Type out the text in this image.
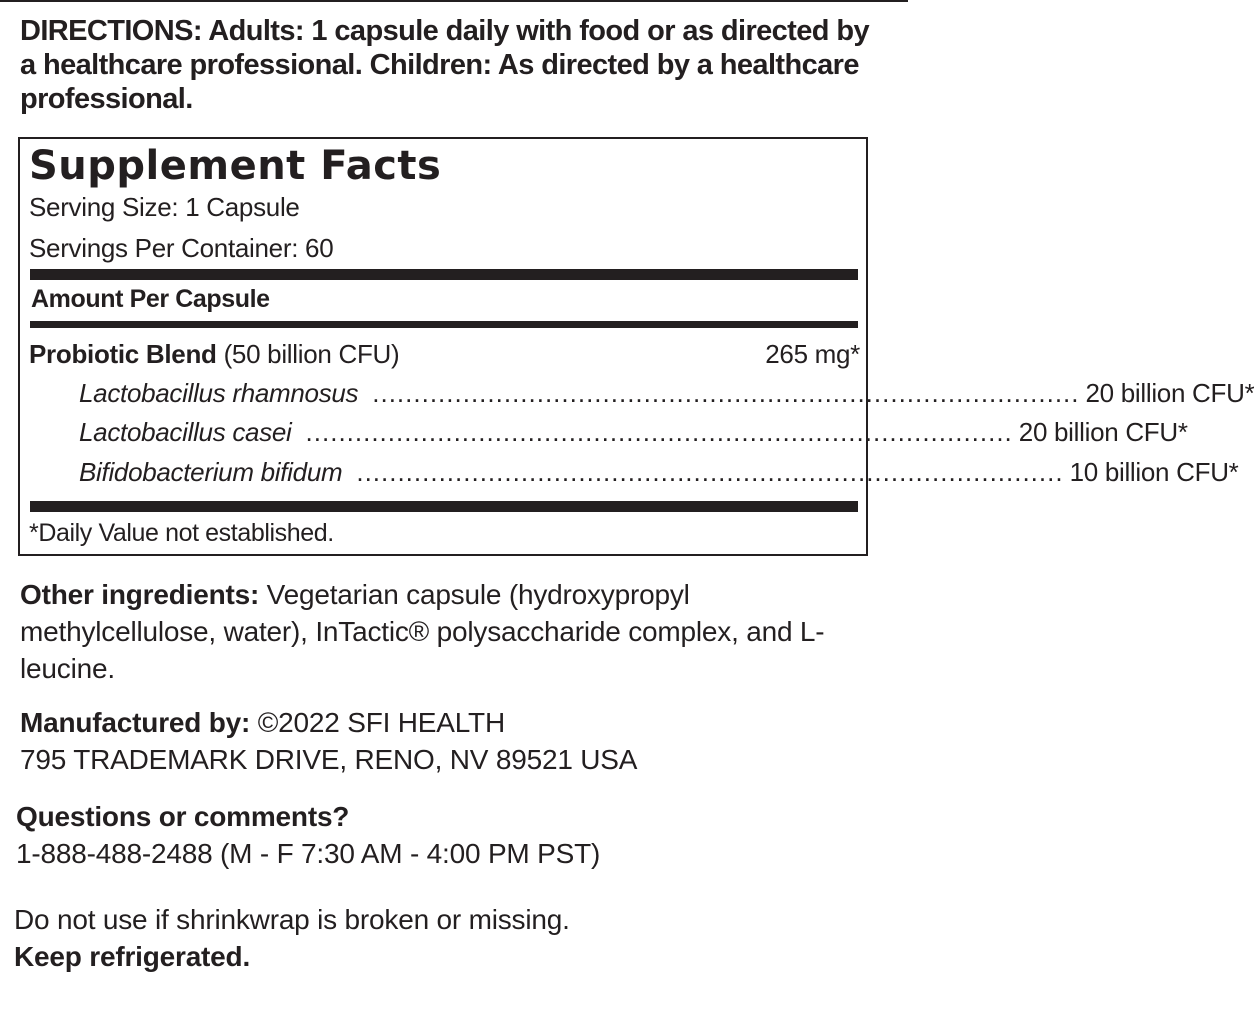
DIRECTIONS: Adults: 1 capsule daily with food or as directed by a healthcare professional. Children: As directed by a healthcare professional.

Supplement Facts
Serving Size: 1 Capsule
Servings Per Container: 60
Amount Per Capsule
Probiotic Blend (50 billion CFU)	265 mg*
Lactobacillus rhamnosus ...................................................................................... 20 billion CFU*
Lactobacillus casei ...................................................................................... 20 billion CFU*
Bifidobacterium bifidum ...................................................................................... 10 billion CFU*
*Daily Value not established.

Other ingredients: Vegetarian capsule (hydroxypropyl methylcellulose, water), InTactic® polysaccharide complex, and L-leucine.

Manufactured by: ©2022 SFI HEALTH
795 TRADEMARK DRIVE, RENO, NV 89521 USA
Questions or comments?
1-888-488-2488 (M - F 7:30 AM - 4:00 PM PST)
Do not use if shrinkwrap is broken or missing.
Keep refrigerated.
